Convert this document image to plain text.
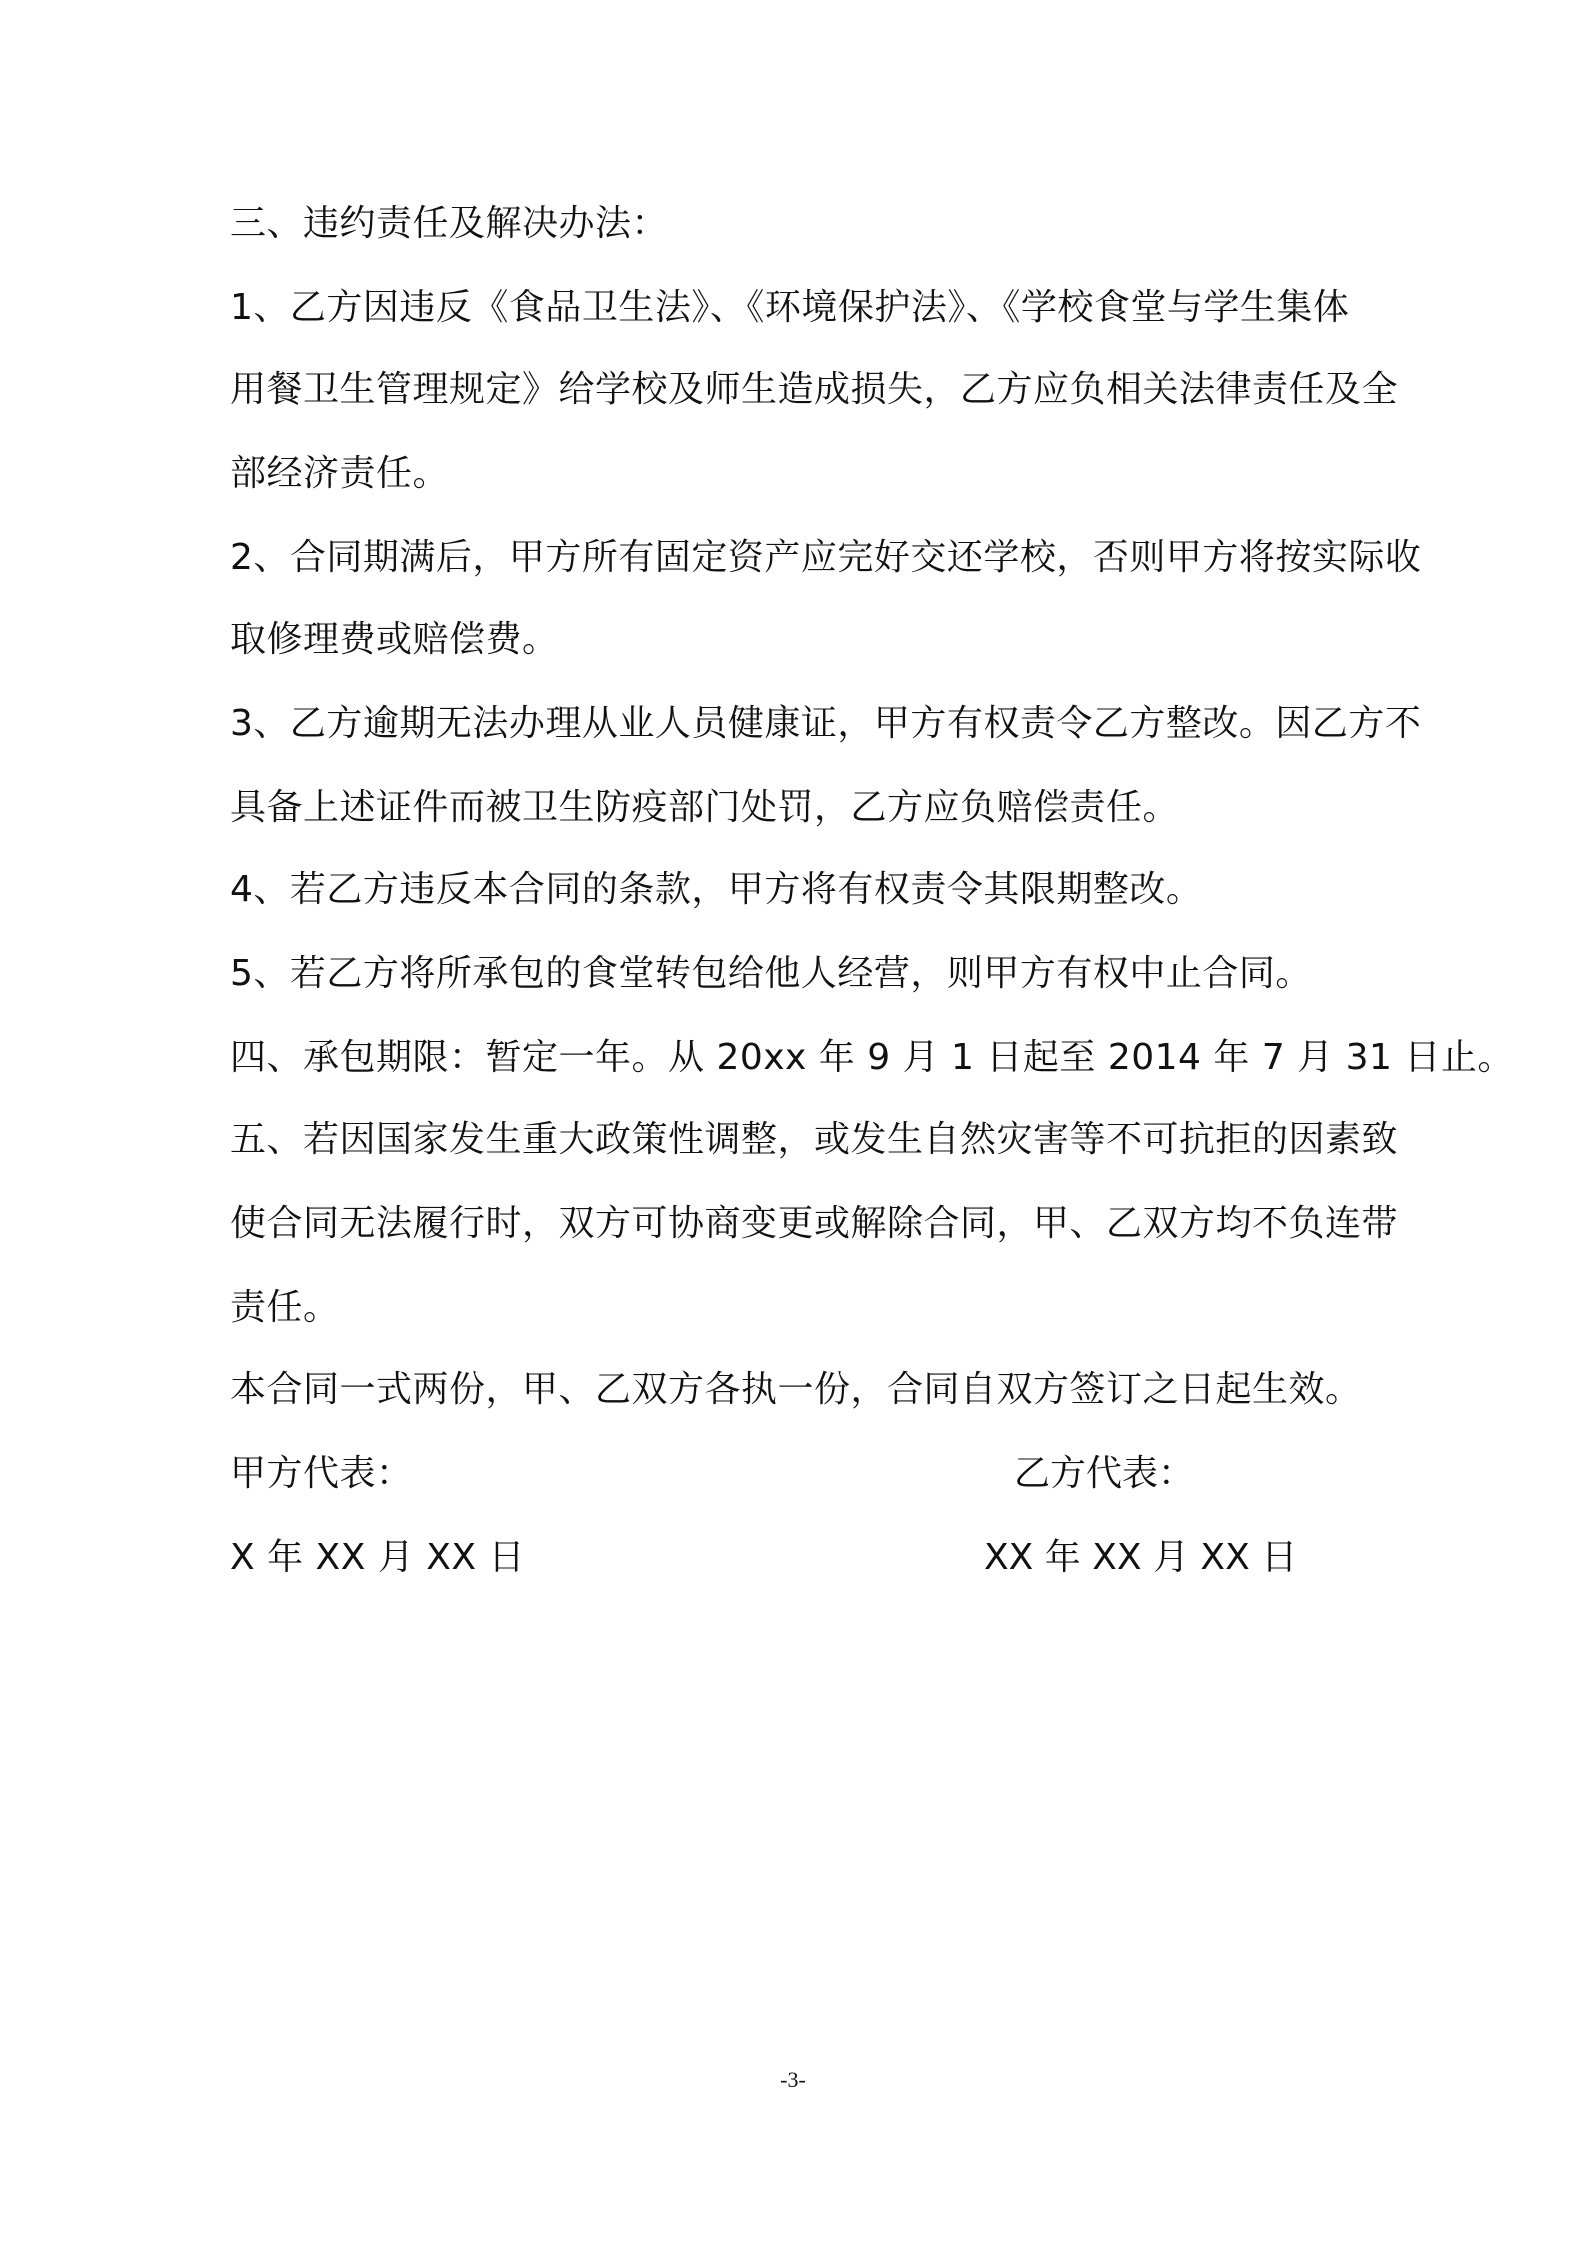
三、违约责任及解决办法：
1、乙方因违反《食品卫生法》、《环境保护法》、《学校食堂与学生集体
用餐卫生管理规定》给学校及师生造成损失，乙方应负相关法律责任及全
部经济责任。
2、合同期满后，甲方所有固定资产应完好交还学校，否则甲方将按实际收
取修理费或赔偿费。
3、乙方逾期无法办理从业人员健康证，甲方有权责令乙方整改。因乙方不
具备上述证件而被卫生防疫部门处罚，乙方应负赔偿责任。
4、若乙方违反本合同的条款，甲方将有权责令其限期整改。
5、若乙方将所承包的食堂转包给他人经营，则甲方有权中止合同。
四、承包期限：暂定一年。从 20xx 年 9 月 1 日起至 2014 年 7 月 31 日止。
五、若因国家发生重大政策性调整，或发生自然灾害等不可抗拒的因素致
使合同无法履行时，双方可协商变更或解除合同，甲、乙双方均不负连带
责任。
本合同一式两份，甲、乙双方各执一份，合同自双方签订之日起生效。
甲方代表：	乙方代表：
X 年 XX 月 XX 日	XX 年 XX 月 XX 日
-3-
